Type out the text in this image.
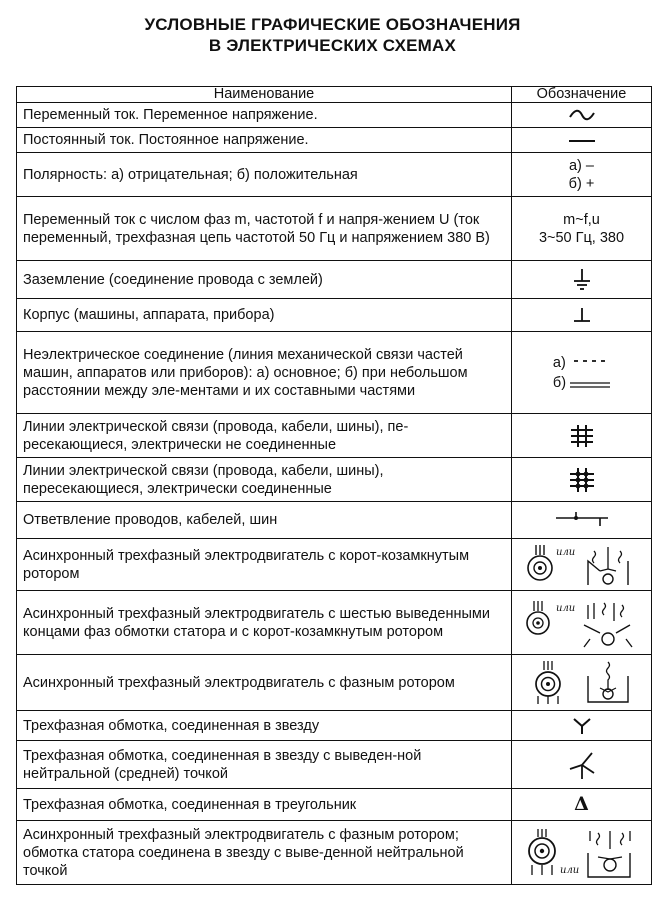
УСЛОВНЫЕ ГРАФИЧЕСКИЕ ОБОЗНАЧЕНИЯ
В ЭЛЕКТРИЧЕСКИХ СХЕМАХ
Наименование	Обозначение
Переменный ток. Переменное напряжение.	

Постоянный ток. Постоянное напряжение.	

Полярность: а) отрицательная; б) положительная	а) –
б) +
Переменный ток с числом фаз m, частотой f и напря-жением U (ток переменный, трехфазная цепь частотой 50 Гц и напряжением 380 В)	m~f,u
3~50 Гц, 380
Заземление (соединение провода с землей)	

Корпус (машины, аппарата, прибора)	

Неэлектрическое соединение (линия механической связи частей машин, аппаратов или приборов): а) основное; б) при небольшом расстоянии между эле-ментами и их составными частями	а)
б)

Линии электрической связи (провода, кабели, шины), пе-ресекающиеся, электрически не соединенные	

Линии электрической связи (провода, кабели, шины), пересекающиеся, электрически соединенные	

Ответвление проводов, кабелей, шин	

Асинхронный трехфазный электродвигатель с корот-козамкнутым ротором	или

Асинхронный трехфазный электродвигатель с шестью выведенными концами фаз обмотки статора и с корот-козамкнутым ротором	или

Асинхронный трехфазный электродвигатель с фазным ротором	

Трехфазная обмотка, соединенная в звезду	

Трехфазная обмотка, соединенная в звезду с выведен-ной нейтральной (средней) точкой	

Трехфазная обмотка, соединенная в треугольник	Δ
Асинхронный трехфазный электродвигатель с фазным ротором; обмотка статора соединена в звезду с выве-денной нейтральной точкой	или
